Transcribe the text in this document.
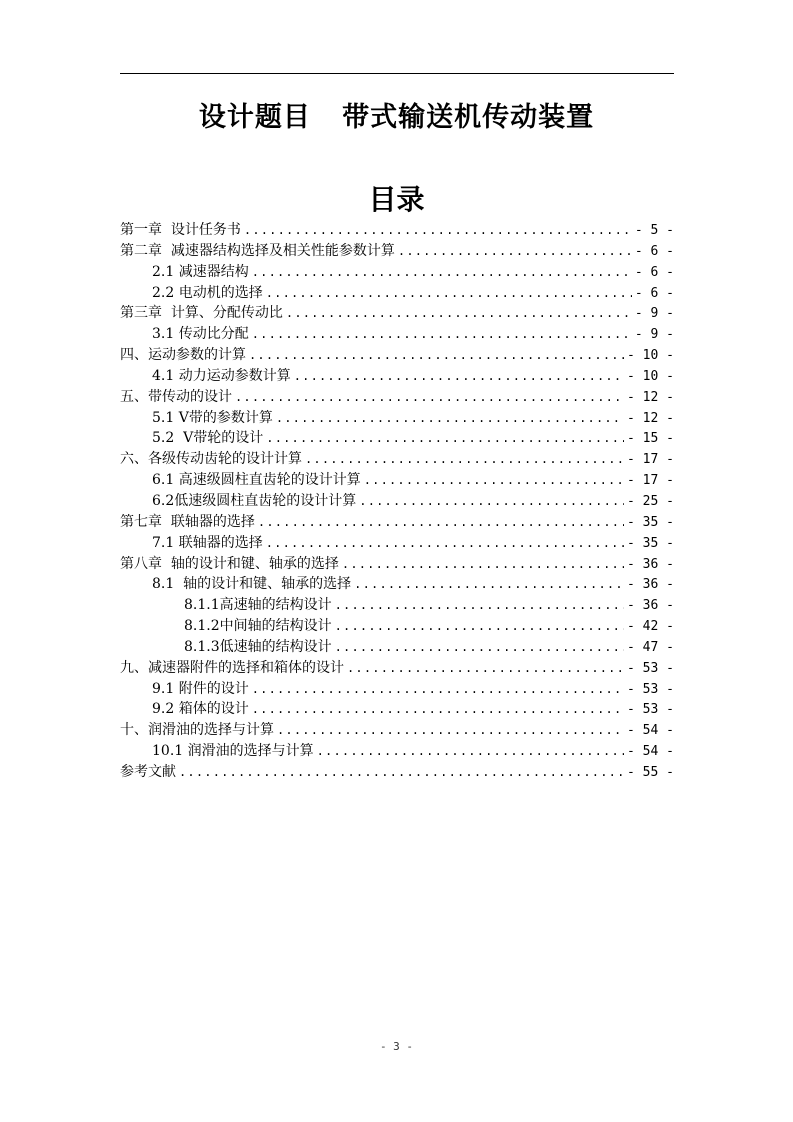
设计题目   带式输送机传动装置
目录
第一章  设计任务书 .....	- 5 -
第二章  减速器结构选择及相关性能参数计算 .....	- 6 -
2.1 减速器结构 .....	- 6 -
2.2 电动机的选择 .....	- 6 -
第三章  计算、分配传动比 .....	- 9 -
3.1 传动比分配 .....	- 9 -
四、运动参数的计算 .....	- 10 -
4.1 动力运动参数计算 .....	- 10 -
五、带传动的设计 .....	- 12 -
5.1 V带的参数计算 .....	- 12 -
5.2  V带轮的设计 .....	- 15 -
六、各级传动齿轮的设计计算 .....	- 17 -
6.1 高速级圆柱直齿轮的设计计算 .....	- 17 -
6.2低速级圆柱直齿轮的设计计算 .....	- 25 -
第七章  联轴器的选择 .....	- 35 -
7.1 联轴器的选择 .....	- 35 -
第八章  轴的设计和键、轴承的选择 .....	- 36 -
8.1  轴的设计和键、轴承的选择 .....	- 36 -
8.1.1高速轴的结构设计 .....	- 36 -
8.1.2中间轴的结构设计 .....	- 42 -
8.1.3低速轴的结构设计 .....	- 47 -
九、减速器附件的选择和箱体的设计 .....	- 53 -
9.1 附件的设计 .....	- 53 -
9.2 箱体的设计 .....	- 53 -
十、润滑油的选择与计算 .....	- 54 -
10.1 润滑油的选择与计算 .....	- 54 -
参考文献 .....	- 55 -
- 3 -
